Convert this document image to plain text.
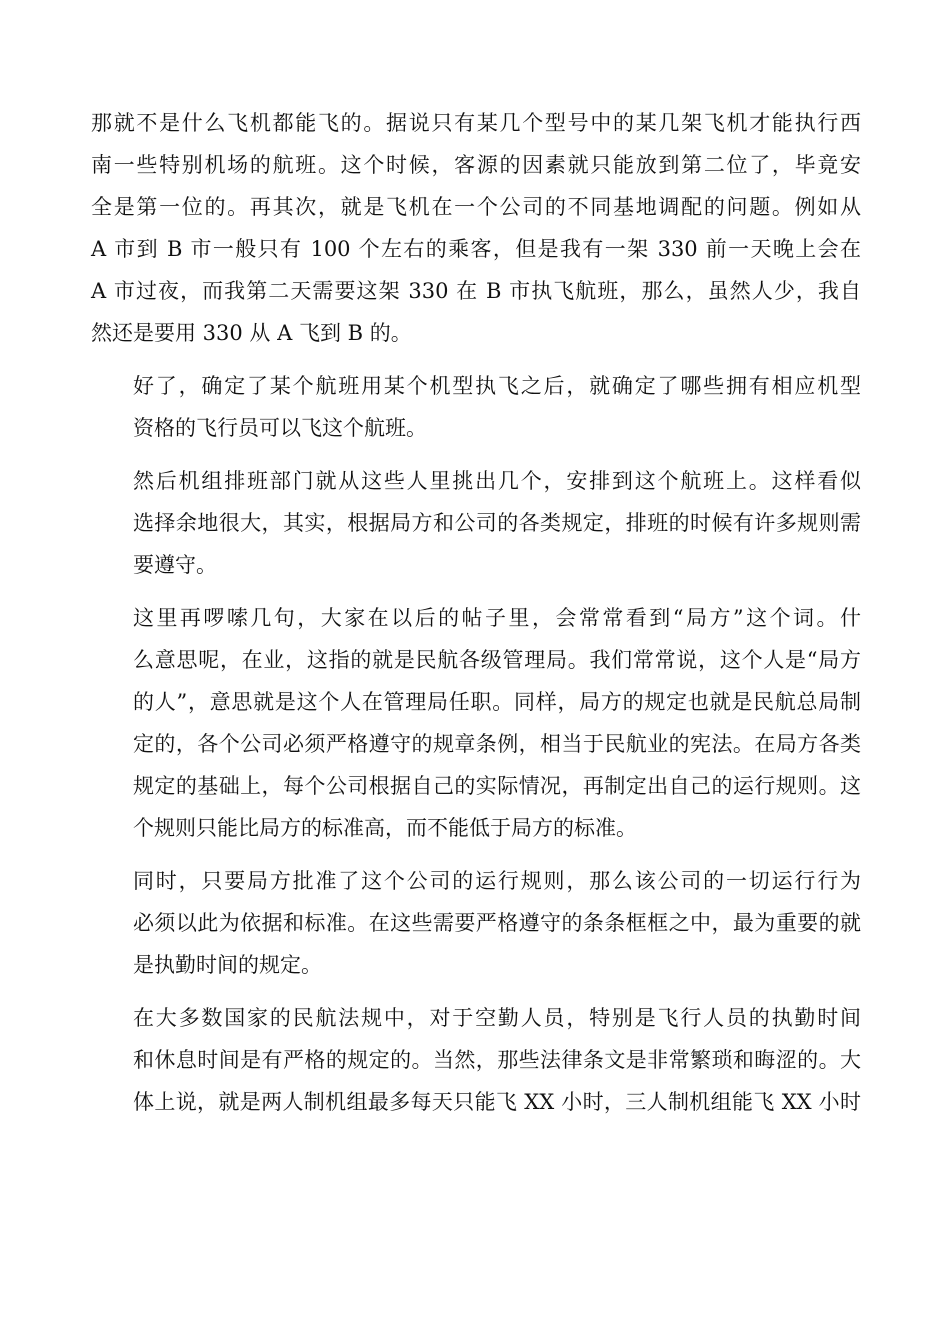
那就不是什么飞机都能飞的。据说只有某几个型号中的某几架飞机才能执行西
南一些特别机场的航班。这个时候，客源的因素就只能放到第二位了，毕竟安
全是第一位的。再其次，就是飞机在一个公司的不同基地调配的问题。例如从
A 市到 B 市一般只有 100 个左右的乘客，但是我有一架 330 前一天晚上会在
A 市过夜，而我第二天需要这架 330 在 B 市执飞航班，那么，虽然人少，我自
然还是要用 330 从 A 飞到 B 的。

好了，确定了某个航班用某个机型执飞之后，就确定了哪些拥有相应机型
资格的飞行员可以飞这个航班。

然后机组排班部门就从这些人里挑出几个，安排到这个航班上。这样看似
选择余地很大，其实，根据局方和公司的各类规定，排班的时候有许多规则需
要遵守。

这里再啰嗦几句，大家在以后的帖子里，会常常看到“局方”这个词。什
么意思呢，在业，这指的就是民航各级管理局。我们常常说，这个人是“局方
的人”，意思就是这个人在管理局任职。同样，局方的规定也就是民航总局制
定的，各个公司必须严格遵守的规章条例，相当于民航业的宪法。在局方各类
规定的基础上，每个公司根据自己的实际情况，再制定出自己的运行规则。这
个规则只能比局方的标准高，而不能低于局方的标准。

同时，只要局方批准了这个公司的运行规则，那么该公司的一切运行行为
必须以此为依据和标准。在这些需要严格遵守的条条框框之中，最为重要的就
是执勤时间的规定。

在大多数国家的民航法规中，对于空勤人员，特别是飞行人员的执勤时间
和休息时间是有严格的规定的。当然，那些法律条文是非常繁琐和晦涩的。大
体上说，就是两人制机组最多每天只能飞 XX 小时，三人制机组能飞 XX 小时
